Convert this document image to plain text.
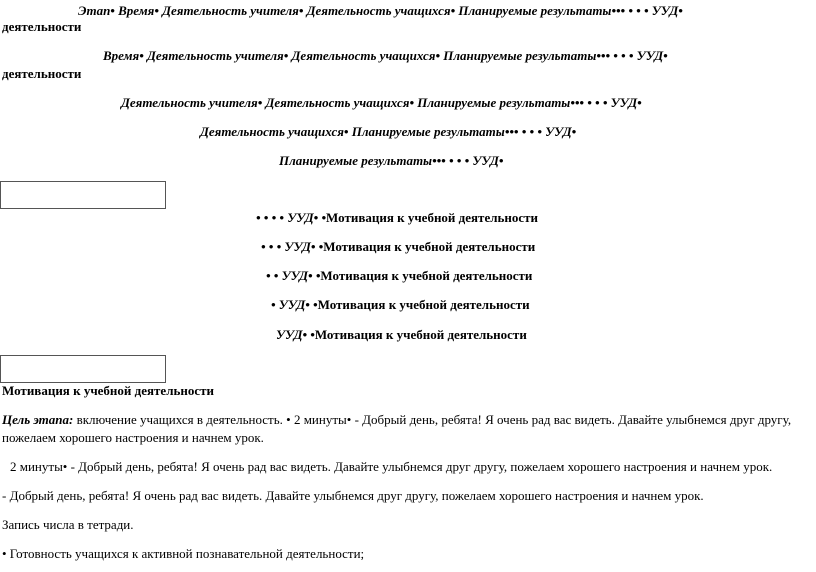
Этап• Время• Деятельность учителя• Деятельность учащихся• Планируемые результаты••• • • • УУД•
деятельности
Время• Деятельность учителя• Деятельность учащихся• Планируемые результаты••• • • • УУД•
деятельности
Деятельность учителя• Деятельность учащихся• Планируемые результаты••• • • • УУД•
Деятельность учащихся• Планируемые результаты••• • • • УУД•
Планируемые результаты••• • • • УУД•
• • • • УУД• •Мотивация к учебной деятельности
• • • УУД• •Мотивация к учебной деятельности
• • УУД• •Мотивация к учебной деятельности
• УУД• •Мотивация к учебной деятельности
УУД• •Мотивация к учебной деятельности
Мотивация к учебной деятельности
Цель этапа: включение учащихся в деятельность. • 2 минуты• - Добрый день, ребята! Я очень рад вас видеть. Давайте улыбнемся друг другу, пожелаем хорошего настроения и начнем урок.
2 минуты• - Добрый день, ребята! Я очень рад вас видеть. Давайте улыбнемся друг другу, пожелаем хорошего настроения и начнем урок.
- Добрый день, ребята! Я очень рад вас видеть. Давайте улыбнемся друг другу, пожелаем хорошего настроения и начнем урок.
Запись числа в тетради.
• Готовность учащихся к активной познавательной деятельности;
